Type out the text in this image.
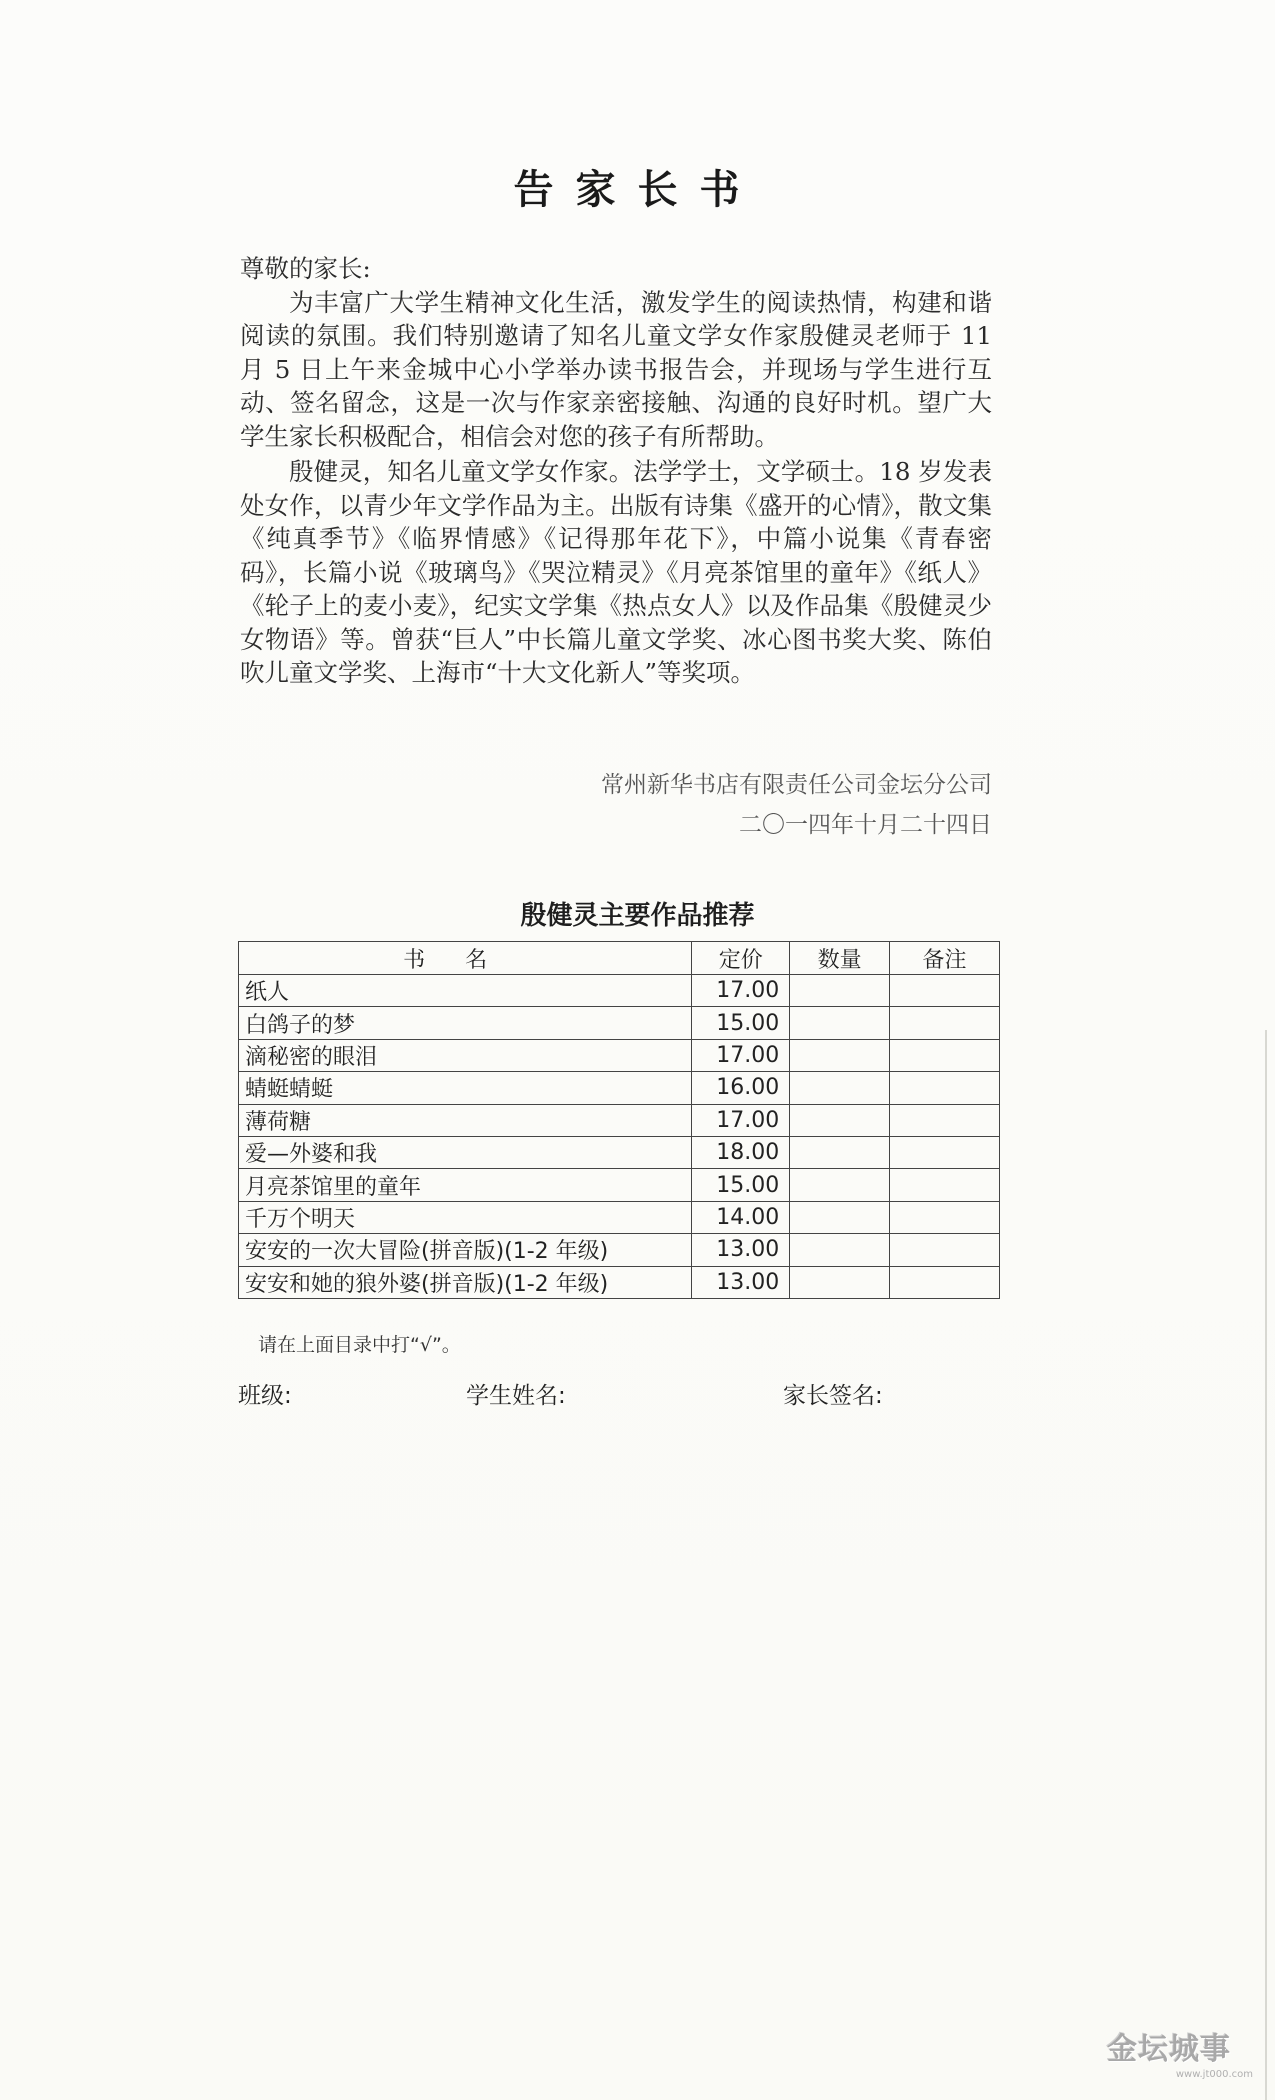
告家长书

尊敬的家长:

为丰富广大学生精神文化生活，激发学生的阅读热情，构建和谐阅读的氛围。我们特别邀请了知名儿童文学女作家殷健灵老师于 11 月 5 日上午来金城中心小学举办读书报告会，并现场与学生进行互动、签名留念，这是一次与作家亲密接触、沟通的良好时机。望广大学生家长积极配合，相信会对您的孩子有所帮助。

殷健灵，知名儿童文学女作家。法学学士，文学硕士。18 岁发表处女作，以青少年文学作品为主。出版有诗集《盛开的心情》，散文集《纯真季节》《临界情感》《记得那年花下》，中篇小说集《青春密码》，长篇小说《玻璃鸟》《哭泣精灵》《月亮茶馆里的童年》《纸人》《轮子上的麦小麦》，纪实文学集《热点女人》以及作品集《殷健灵少女物语》等。曾获“巨人”中长篇儿童文学奖、冰心图书奖大奖、陈伯吹儿童文学奖、上海市“十大文化新人”等奖项。

常州新华书店有限责任公司金坛分公司
二〇一四年十月二十四日
殷健灵主要作品推荐
书名	定价	数量	备注
纸人	17.00		
白鸽子的梦	15.00		
滴秘密的眼泪	17.00		
蜻蜓蜻蜓	16.00		
薄荷糖	17.00		
爱—外婆和我	18.00		
月亮茶馆里的童年	15.00		
千万个明天	14.00		
安安的一次大冒险(拼音版)(1-2 年级)	13.00		
安安和她的狼外婆(拼音版)(1-2 年级)	13.00		
请在上面目录中打“√”。
班级:	学生姓名:	家长签名:
金坛城事
www.jt000.com
